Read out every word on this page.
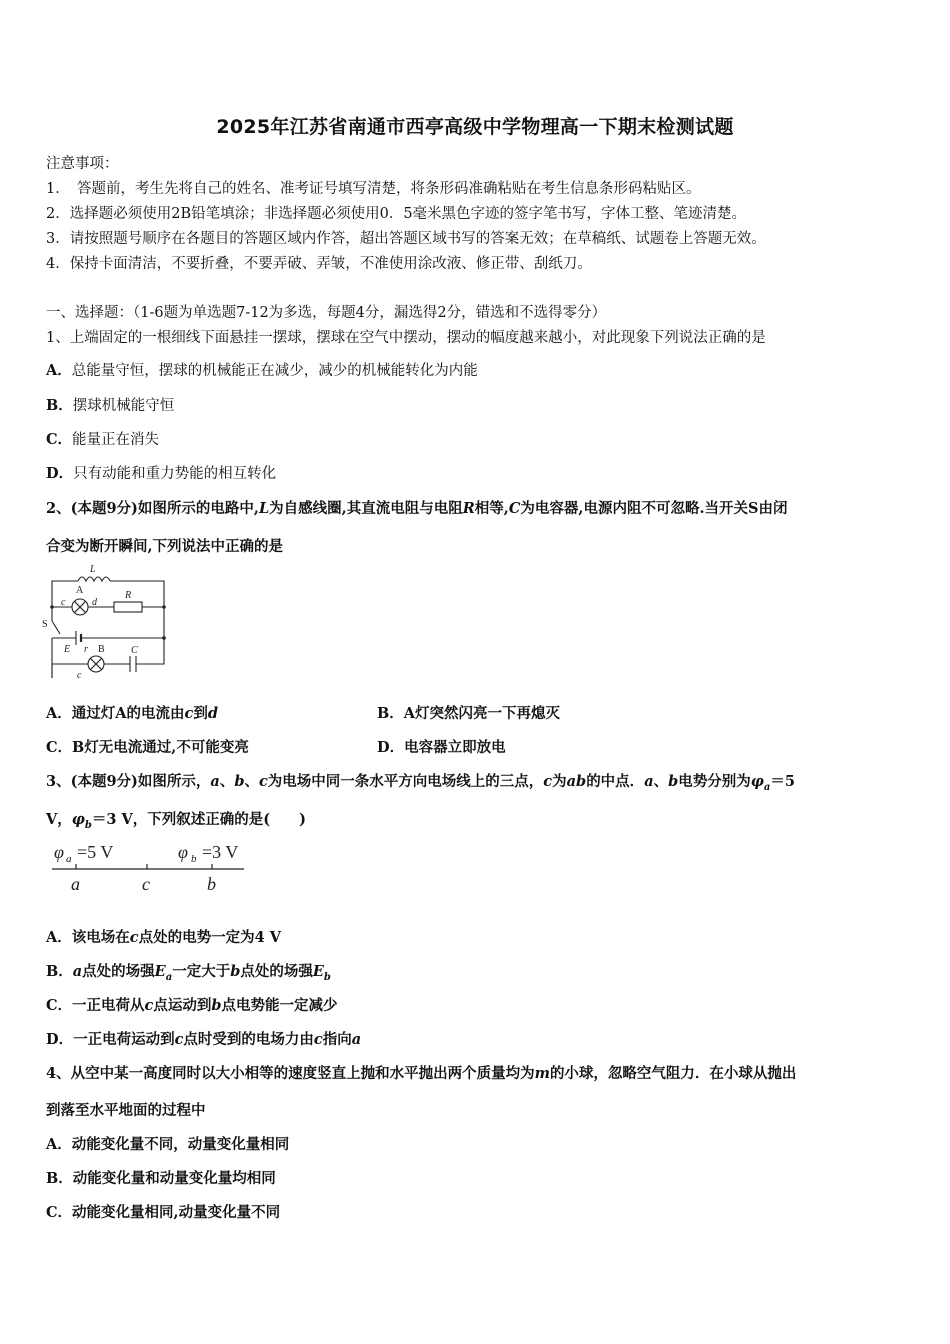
2025年江苏省南通市西亭高级中学物理高一下期末检测试题
注意事项：
1．　答题前，考生先将自己的姓名、准考证号填写清楚，将条形码准确粘贴在考生信息条形码粘贴区。
2．选择题必须使用2B铅笔填涂；非选择题必须使用0．5毫米黑色字迹的签字笔书写，字体工整、笔迹清楚。
3．请按照题号顺序在各题目的答题区域内作答，超出答题区域书写的答案无效；在草稿纸、试题卷上答题无效。
4．保持卡面清洁，不要折叠，不要弄破、弄皱，不准使用涂改液、修正带、刮纸刀。
一、选择题：（1-6题为单选题7-12为多选，每题4分，漏选得2分，错选和不选得零分）
1、上端固定的一根细线下面悬挂一摆球，摆球在空气中摆动，摆动的幅度越来越小，对此现象下列说法正确的是
A．总能量守恒，摆球的机械能正在减少，减少的机械能转化为内能
B．摆球机械能守恒
C．能量正在消失
D．只有动能和重力势能的相互转化
2、(本题9分)如图所示的电路中,L为自感线圈,其直流电阻与电阻R相等,C为电容器,电源内阻不可忽略.当开关S由闭
合变为断开瞬间,下列说法中正确的是
L
A
c	d
R
S
E r B
c
C
A．通过灯A的电流由c到d	B．A灯突然闪亮一下再熄灭
C．B灯无电流通过,不可能变亮	D．电容器立即放电
3、(本题9分)如图所示，a、b、c为电场中同一条水平方向电场线上的三点，c为ab的中点．a、b电势分别为$\varphi_a=5$
V，$\varphi_b=3$ V，下列叙述正确的是(　　)
φ a =5 V	φ b =3 V
a	c	b
A．该电场在c点处的电势一定为4 V
B．a点处的场强$E_a$一定大于b点处的场强$E_b$
C．一正电荷从c点运动到b点电势能一定减少
D．一正电荷运动到c点时受到的电场力由c指向a
4、从空中某一高度同时以大小相等的速度竖直上抛和水平抛出两个质量均为m的小球，忽略空气阻力．在小球从抛出
到落至水平地面的过程中
A．动能变化量不同，动量变化量相同
B．动能变化量和动量变化量均相同
C．动能变化量相同,动量变化量不同
